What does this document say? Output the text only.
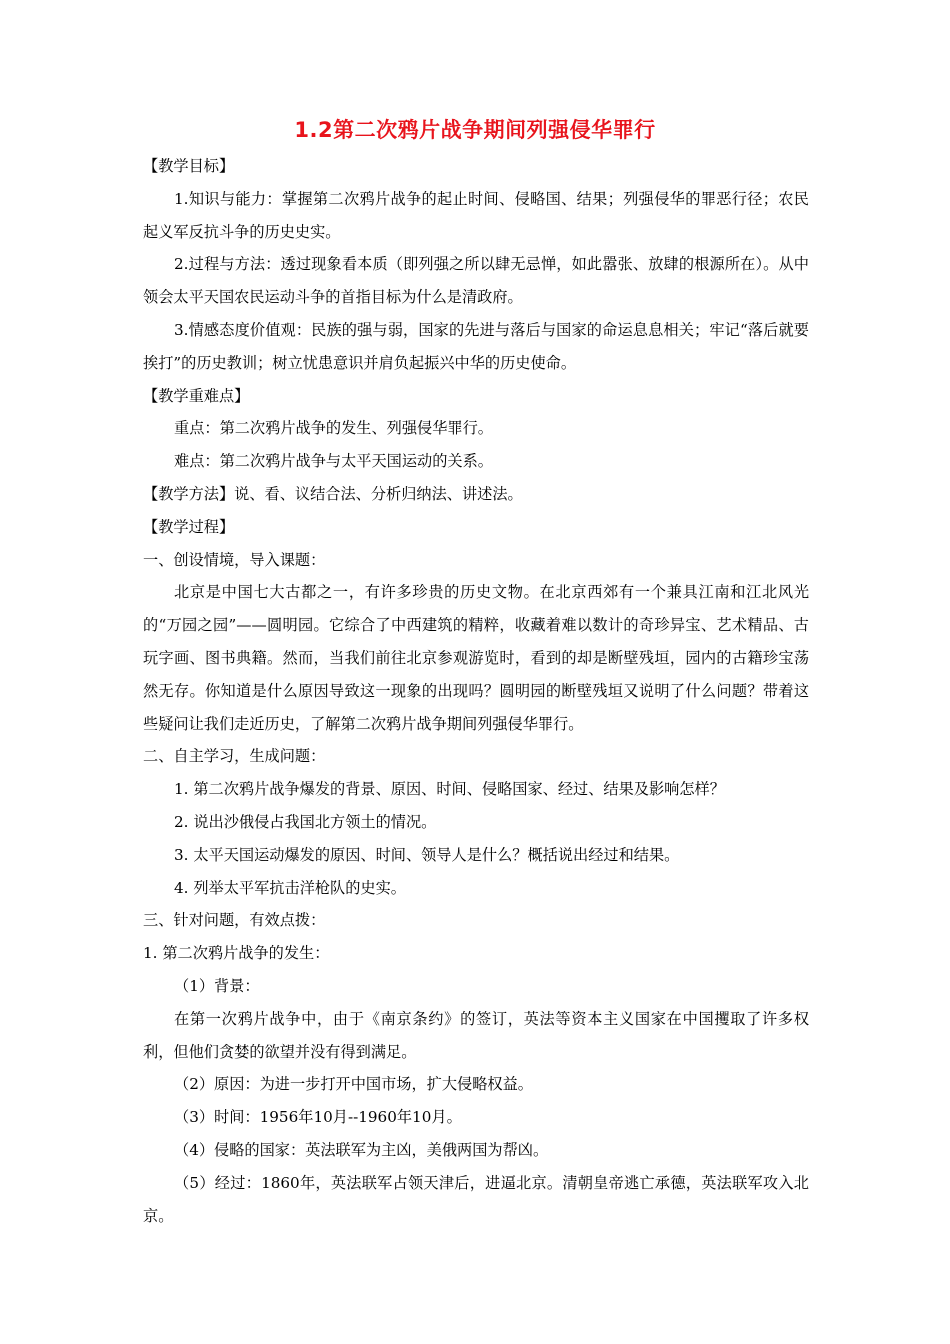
1.2第二次鸦片战争期间列强侵华罪行

【教学目标】

1.知识与能力：掌握第二次鸦片战争的起止时间、侵略国、结果；列强侵华的罪恶行径；农民起义军反抗斗争的历史史实。

2.过程与方法：透过现象看本质（即列强之所以肆无忌惮，如此嚣张、放肆的根源所在）。从中领会太平天国农民运动斗争的首指目标为什么是清政府。

3.情感态度价值观：民族的强与弱，国家的先进与落后与国家的命运息息相关；牢记“落后就要挨打”的历史教训；树立忧患意识并肩负起振兴中华的历史使命。

【教学重难点】

重点：第二次鸦片战争的发生、列强侵华罪行。

难点：第二次鸦片战争与太平天国运动的关系。

【教学方法】说、看、议结合法、分析归纳法、讲述法。

【教学过程】

一、创设情境，导入课题：

北京是中国七大古都之一，有许多珍贵的历史文物。在北京西郊有一个兼具江南和江北风光的“万园之园”——圆明园。它综合了中西建筑的精粹，收藏着难以数计的奇珍异宝、艺术精品、古玩字画、图书典籍。然而，当我们前往北京参观游览时，看到的却是断壁残垣，园内的古籍珍宝荡然无存。你知道是什么原因导致这一现象的出现吗？圆明园的断壁残垣又说明了什么问题？带着这些疑问让我们走近历史，了解第二次鸦片战争期间列强侵华罪行。

二、自主学习，生成问题：

1. 第二次鸦片战争爆发的背景、原因、时间、侵略国家、经过、结果及影响怎样？

2. 说出沙俄侵占我国北方领土的情况。

3. 太平天国运动爆发的原因、时间、领导人是什么？概括说出经过和结果。

4. 列举太平军抗击洋枪队的史实。

三、针对问题，有效点拨：

1. 第二次鸦片战争的发生：

（1）背景：

在第一次鸦片战争中，由于《南京条约》的签订，英法等资本主义国家在中国攫取了许多权利，但他们贪婪的欲望并没有得到满足。

（2）原因：为进一步打开中国市场，扩大侵略权益。

（3）时间：1956年10月--1960年10月。

（4）侵略的国家：英法联军为主凶，美俄两国为帮凶。

（5）经过：1860年，英法联军占领天津后，进逼北京。清朝皇帝逃亡承德，英法联军攻入北京。
